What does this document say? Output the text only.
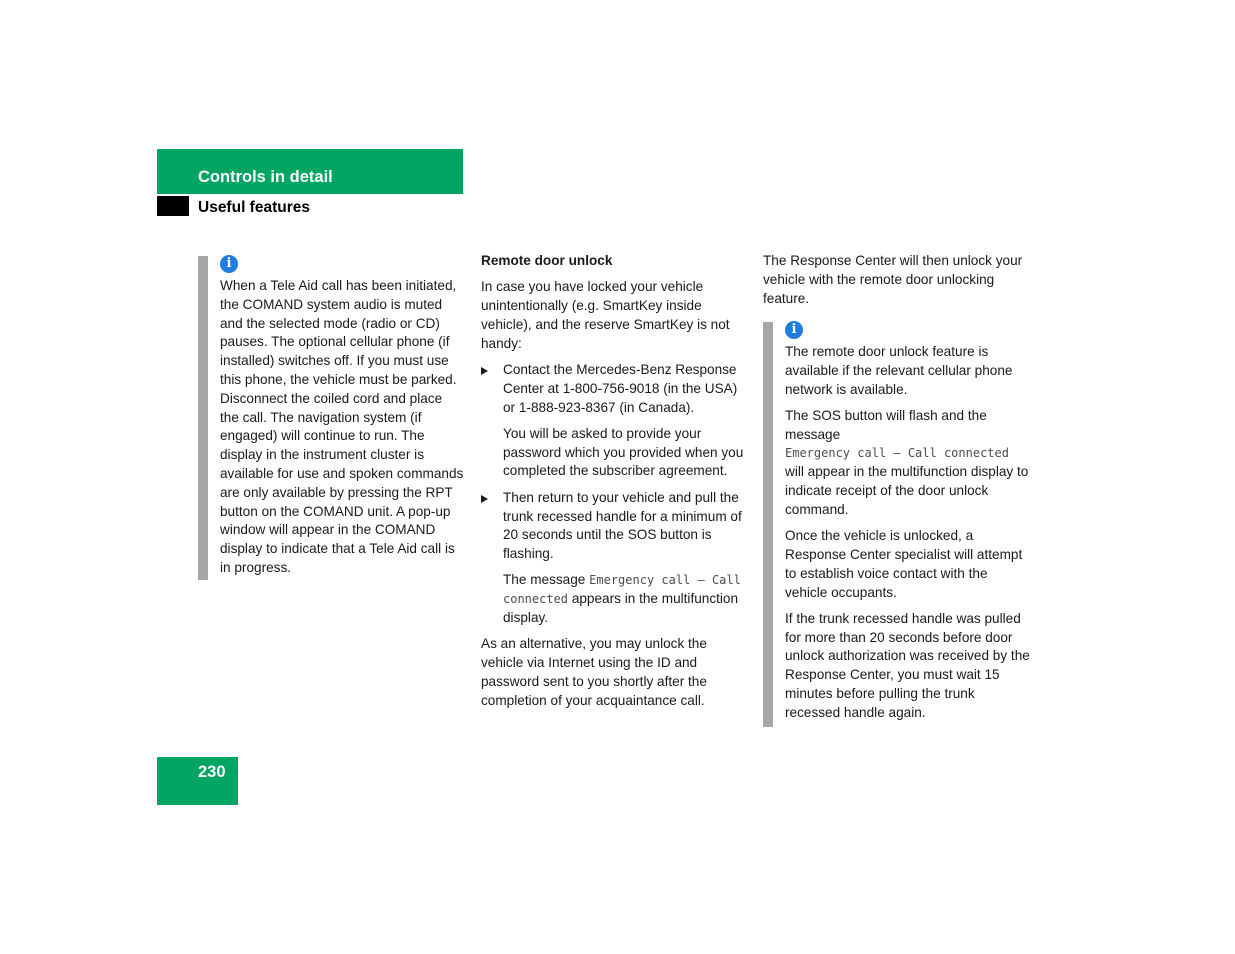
Controls in detail
Useful features
i

When a Tele Aid call has been initiated, the COMAND system audio is muted and the selected mode (radio or CD) pauses. The optional cellular phone (if installed) switches off. If you must use this phone, the vehicle must be parked. Disconnect the coiled cord and place the call. The navigation system (if engaged) will continue to run. The display in the instrument cluster is available for use and spoken commands are only available by pressing the RPT button on the COMAND unit. A pop-up window will appear in the COMAND display to indicate that a Tele Aid call is in progress.

Remote door unlock

In case you have locked your vehicle unintentionally (e.g. SmartKey inside vehicle), and the reserve SmartKey is not handy:

Contact the Mercedes-Benz Response Center at 1-800-756-9018 (in the USA) or 1-888-923-8367 (in Canada).

You will be asked to provide your password which you provided when you completed the subscriber agreement.

Then return to your vehicle and pull the trunk recessed handle for a minimum of 20 seconds until the SOS button is flashing.

The message Emergency call – Call connected appears in the multifunction display.

As an alternative, you may unlock the vehicle via Internet using the ID and password sent to you shortly after the completion of your acquaintance call.

The Response Center will then unlock your vehicle with the remote door unlocking feature.

i

The remote door unlock feature is available if the relevant cellular phone network is available.

The SOS button will flash and the message
Emergency call – Call connected
will appear in the multifunction display to indicate receipt of the door unlock command.

Once the vehicle is unlocked, a Response Center specialist will attempt to establish voice contact with the vehicle occupants.

If the trunk recessed handle was pulled for more than 20 seconds before door unlock authorization was received by the Response Center, you must wait 15 minutes before pulling the trunk recessed handle again.

230
